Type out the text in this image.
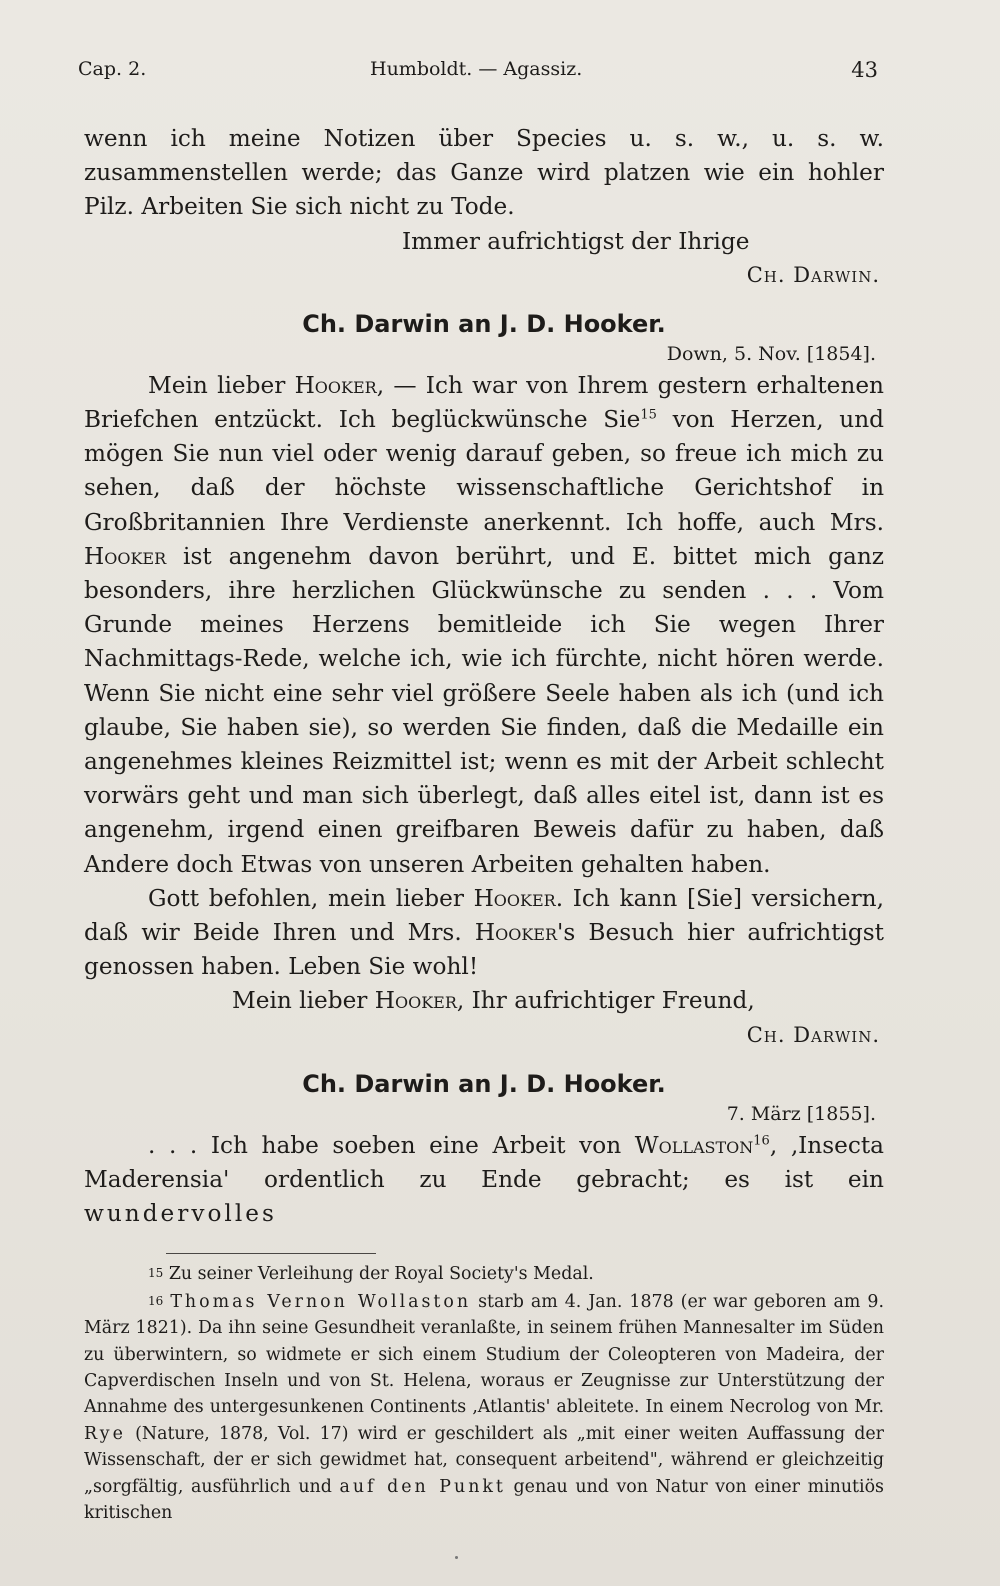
Cap. 2.	Humboldt. — Agassiz.	43

wenn ich meine Notizen über Species u. s. w., u. s. w. zusammenstellen werde; das Ganze wird platzen wie ein hohler Pilz. Arbeiten Sie sich nicht zu Tode.

Immer aufrichtigst der Ihrige

Ch. Darwin.

Ch. Darwin an J. D. Hooker.

Down, 5. Nov. [1854].

Mein lieber Hooker, — Ich war von Ihrem gestern erhaltenen Briefchen entzückt. Ich beglückwünsche Sie$^{15}$ von Herzen, und mögen Sie nun viel oder wenig darauf geben, so freue ich mich zu sehen, daß der höchste wissenschaftliche Gerichtshof in Großbritannien Ihre Verdienste anerkennt. Ich hoffe, auch Mrs. Hooker ist angenehm davon berührt, und E. bittet mich ganz besonders, ihre herzlichen Glückwünsche zu senden . . . Vom Grunde meines Herzens bemitleide ich Sie wegen Ihrer Nachmittags-Rede, welche ich, wie ich fürchte, nicht hören werde. Wenn Sie nicht eine sehr viel größere Seele haben als ich (und ich glaube, Sie haben sie), so werden Sie finden, daß die Medaille ein angenehmes kleines Reizmittel ist; wenn es mit der Arbeit schlecht vorwärs geht und man sich überlegt, daß alles eitel ist, dann ist es angenehm, irgend einen greifbaren Beweis dafür zu haben, daß Andere doch Etwas von unseren Arbeiten gehalten haben.

Gott befohlen, mein lieber Hooker. Ich kann [Sie] versichern, daß wir Beide Ihren und Mrs. Hooker's Besuch hier aufrichtigst genossen haben. Leben Sie wohl!

Mein lieber Hooker, Ihr aufrichtiger Freund,

Ch. Darwin.

Ch. Darwin an J. D. Hooker.

7. März [1855].

. . . Ich habe soeben eine Arbeit von Wollaston$^{16}$, ‚Insecta Maderensia' ordentlich zu Ende gebracht; es ist ein wundervolles

15 Zu seiner Verleihung der Royal Society's Medal.

16 Thomas Vernon Wollaston starb am 4. Jan. 1878 (er war geboren am 9. März 1821). Da ihn seine Gesundheit veranlaßte, in seinem frühen Mannesalter im Süden zu überwintern, so widmete er sich einem Studium der Coleopteren von Madeira, der Capverdischen Inseln und von St. Helena, woraus er Zeugnisse zur Unterstützung der Annahme des untergesunkenen Continents ‚Atlantis' ableitete. In einem Necrolog von Mr. Rye (Nature, 1878, Vol. 17) wird er geschildert als „mit einer weiten Auffassung der Wissenschaft, der er sich gewidmet hat, consequent arbeitend", während er gleichzeitig „sorgfältig, ausführlich und auf den Punkt genau und von Natur von einer minutiös kritischen
